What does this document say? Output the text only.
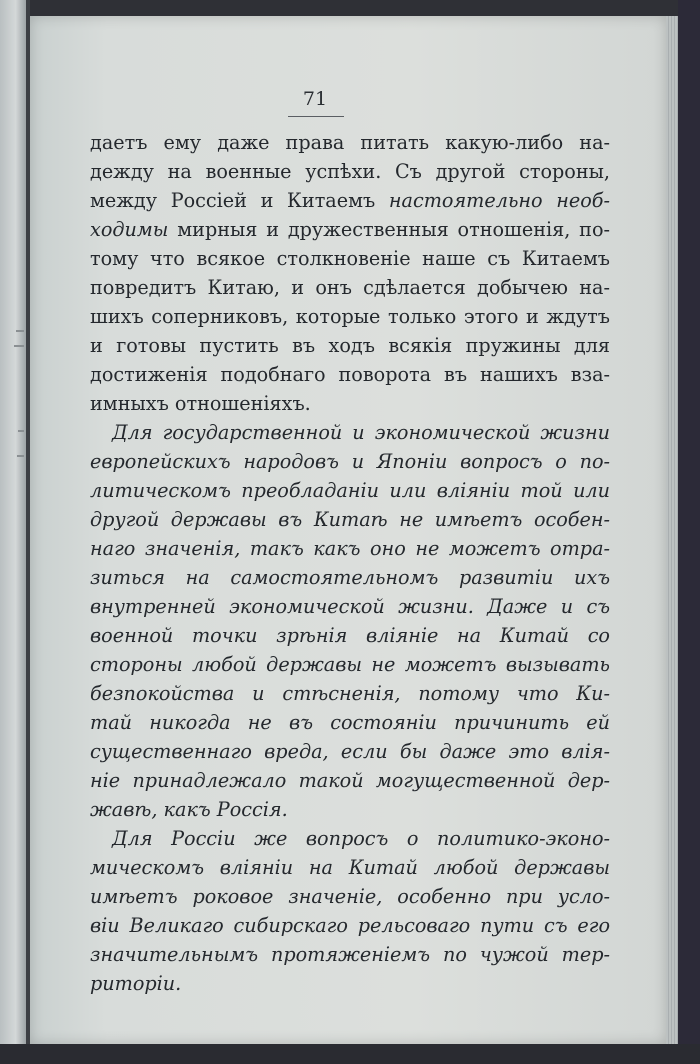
71
даетъ ему даже права питать какую-либо на-
дежду на военные успѣхи. Съ другой стороны,
между Россіей и Китаемъ настоятельно необ-
ходимы мирныя и дружественныя отношенія, по-
тому что всякое столкновеніе наше съ Китаемъ
повредитъ Китаю, и онъ сдѣлается добычею на-
шихъ соперниковъ, которые только этого и ждутъ
и готовы пустить въ ходъ всякія пружины для
достиженія подобнаго поворота въ нашихъ вза-
имныхъ отношеніяхъ.
Для государственной и экономической жизни
европейскихъ народовъ и Японіи вопросъ о по-
литическомъ преобладаніи или вліяніи той или
другой державы въ Китаѣ не имѣетъ особен-
наго значенія, такъ какъ оно не можетъ отра-
зиться на самостоятельномъ развитіи ихъ
внутренней экономической жизни. Даже и съ
военной точки зрѣнія вліяніе на Китай со
стороны любой державы не можетъ вызывать
безпокойства и стѣсненія, потому что Ки-
тай никогда не въ состояніи причинить ей
существеннаго вреда, если бы даже это влія-
ніе принадлежало такой могущественной дер-
жавѣ, какъ Россія.
Для Россіи же вопросъ о политико-эконо-
мическомъ вліяніи на Китай любой державы
имѣетъ роковое значеніе, особенно при усло-
віи Великаго сибирскаго рельсоваго пути съ его
значительнымъ протяженіемъ по чужой тер-
риторіи.
